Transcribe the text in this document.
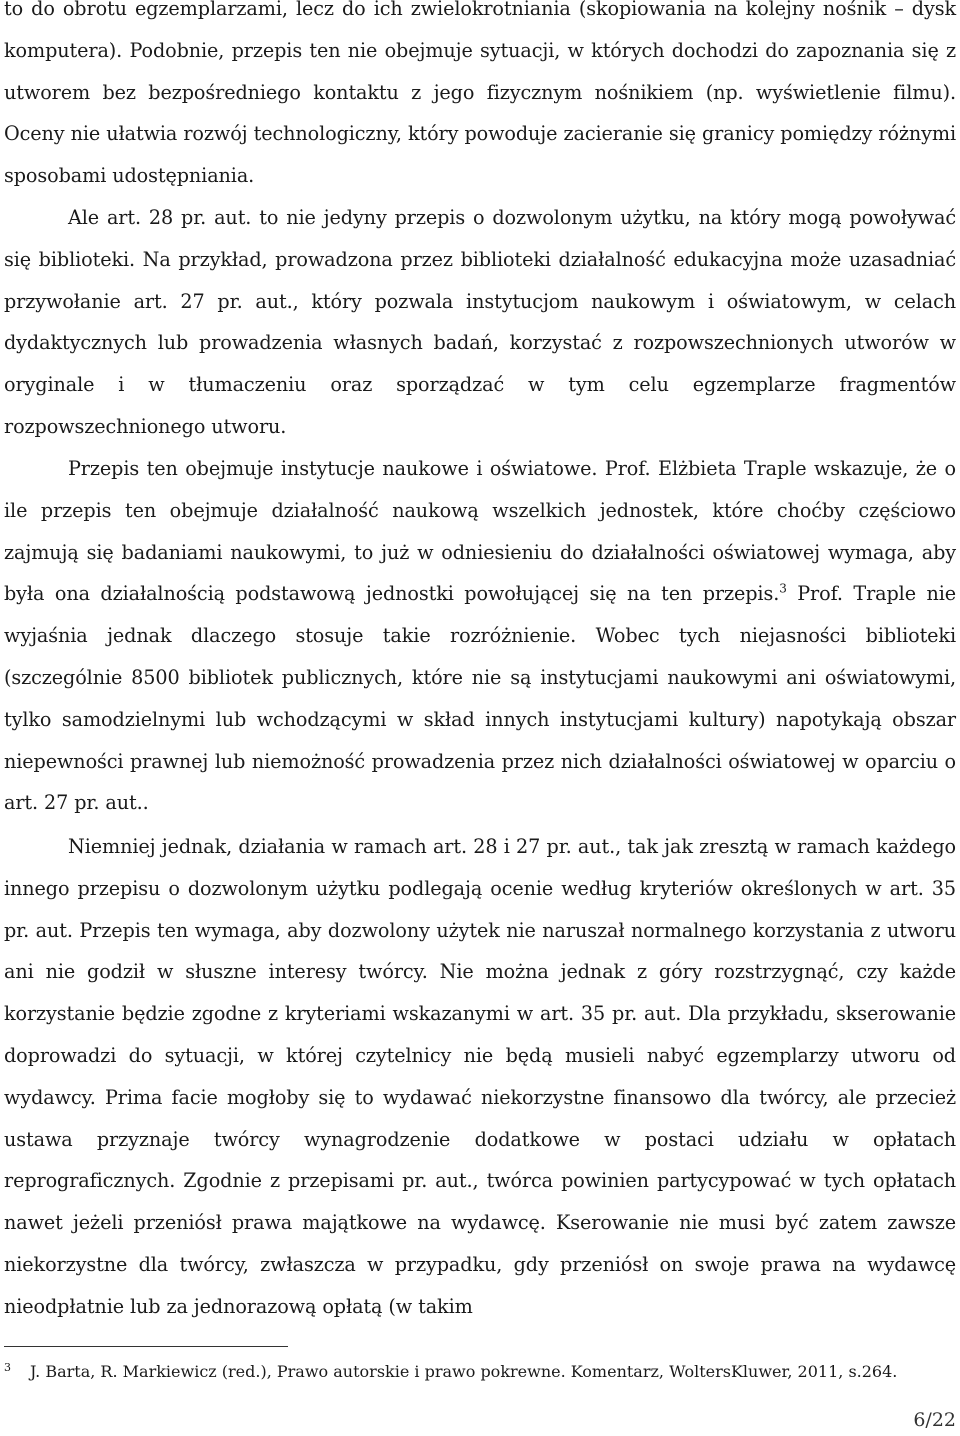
to do obrotu egzemplarzami, lecz do ich zwielokrotniania (skopiowania na kolejny nośnik – dysk komputera). Podobnie, przepis ten nie obejmuje sytuacji, w których dochodzi do zapoznania się z utworem bez bezpośredniego kontaktu z jego fizycznym nośnikiem (np. wyświetlenie filmu). Oceny nie ułatwia rozwój technologiczny, który powoduje zacieranie się granicy pomiędzy różnymi sposobami udostępniania.

Ale art. 28 pr. aut. to nie jedyny przepis o dozwolonym użytku, na który mogą powoływać się biblioteki. Na przykład, prowadzona przez biblioteki działalność edukacyjna może uzasadniać przywołanie art. 27 pr. aut., który pozwala instytucjom naukowym i oświatowym, w celach dydaktycznych lub prowadzenia własnych badań, korzystać z rozpowszechnionych utworów w oryginale i w tłumaczeniu oraz sporządzać w tym celu egzemplarze fragmentów rozpowszechnionego utworu.

Przepis ten obejmuje instytucje naukowe i oświatowe. Prof. Elżbieta Traple wskazuje, że o ile przepis ten obejmuje działalność naukową wszelkich jednostek, które choćby częściowo zajmują się badaniami naukowymi, to już w odniesieniu do działalności oświatowej wymaga, aby była ona działalnością podstawową jednostki powołującej się na ten przepis.$^3$ Prof. Traple nie wyjaśnia jednak dlaczego stosuje takie rozróżnienie. Wobec tych niejasności biblioteki (szczególnie 8500 bibliotek publicznych, które nie są instytucjami naukowymi ani oświatowymi, tylko samodzielnymi lub wchodzącymi w skład innych instytucjami kultury) napotykają obszar niepewności prawnej lub niemożność prowadzenia przez nich działalności oświatowej w oparciu o art. 27 pr. aut..

Niemniej jednak, działania w ramach art. 28 i 27 pr. aut., tak jak zresztą w ramach każdego innego przepisu o dozwolonym użytku podlegają ocenie według kryteriów określonych w art. 35 pr. aut. Przepis ten wymaga, aby dozwolony użytek nie naruszał normalnego korzystania z utworu ani nie godził w słuszne interesy twórcy. Nie można jednak z góry rozstrzygnąć, czy każde korzystanie będzie zgodne z kryteriami wskazanymi w art. 35 pr. aut. Dla przykładu, skserowanie doprowadzi do sytuacji, w której czytelnicy nie będą musieli nabyć egzemplarzy utworu od wydawcy. Prima facie mogłoby się to wydawać niekorzystne finansowo dla twórcy, ale przecież ustawa przyznaje twórcy wynagrodzenie dodatkowe w postaci udziału w opłatach reprograficznych. Zgodnie z przepisami pr. aut., twórca powinien partycypować w tych opłatach nawet jeżeli przeniósł prawa majątkowe na wydawcę. Kserowanie nie musi być zatem zawsze niekorzystne dla twórcy, zwłaszcza w przypadku, gdy przeniósł on swoje prawa na wydawcę nieodpłatnie lub za jednorazową opłatą (w takim

3 J. Barta, R. Markiewicz (red.), Prawo autorskie i prawo pokrewne. Komentarz, WoltersKluwer, 2011, s.264.
6/22
